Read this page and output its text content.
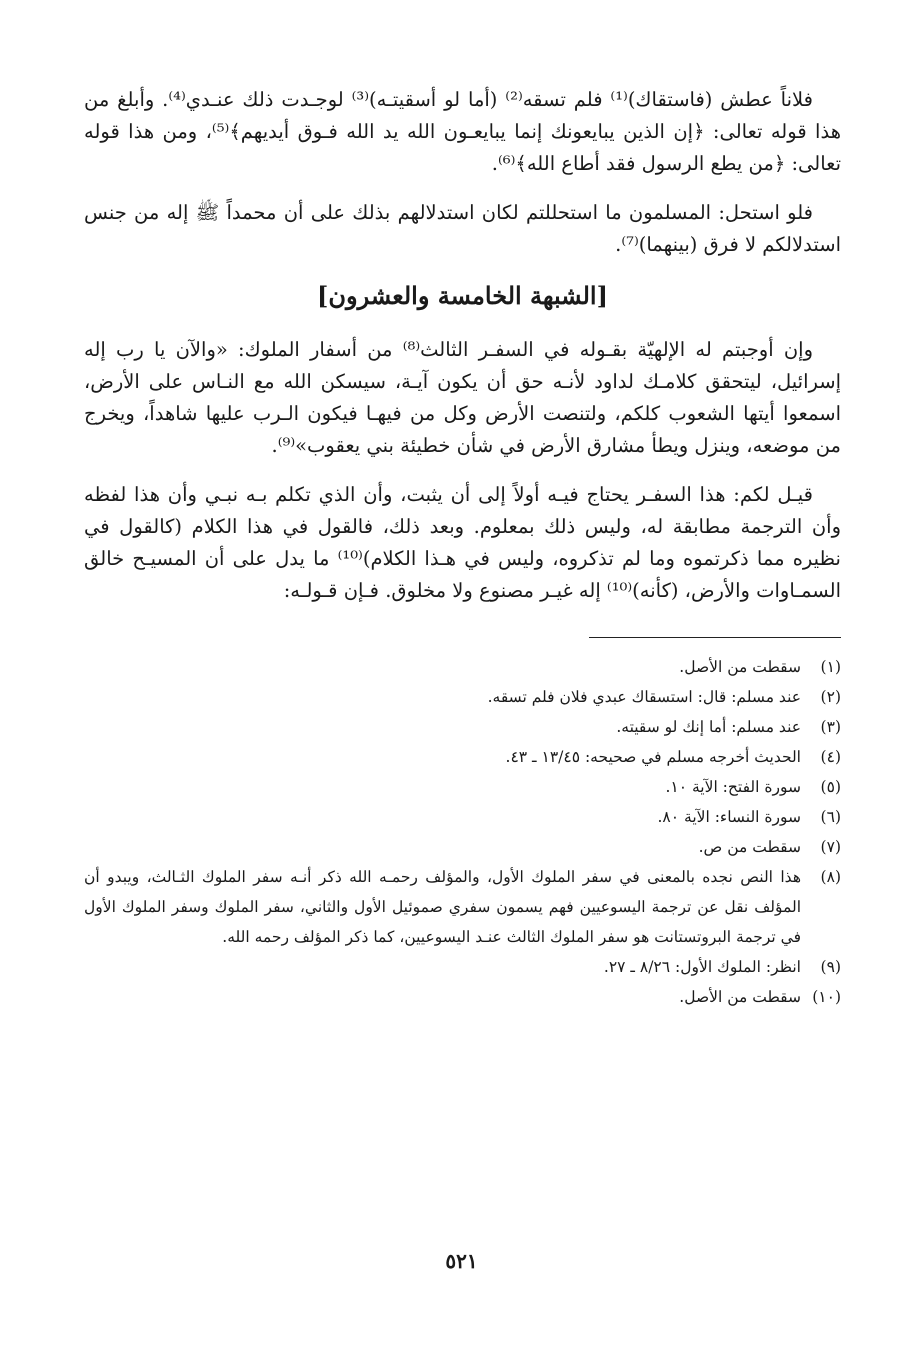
فلاناً عطش (فاستقاك)⁽¹⁾ فلم تسقه⁽²⁾ (أما لو أسقيتـه)⁽³⁾ لوجـدت ذلك عنـدي⁽⁴⁾. وأبلغ من هذا قوله تعالى: ﴿إن الذين يبايعونك إنما يبايعـون الله يد الله فـوق أيديهم﴾⁽⁵⁾، ومن هذا قوله تعالى: ﴿من يطع الرسول فقد أطاع الله﴾⁽⁶⁾.

فلو استحل: المسلمون ما استحللتم لكان استدلالهم بذلك على أن محمداً ﷺ إله من جنس استدلالكم لا فرق (بينهما)⁽⁷⁾.

[الشبهة الخامسة والعشرون]

وإن أوجبتم له الإلهيّة بقـوله في السفـر الثالث⁽⁸⁾ من أسفار الملوك: «والآن يا رب إله إسرائيل، ليتحقق كلامـك لداود لأنـه حق أن يكون آيـة، سيسكن الله مع النـاس على الأرض، اسمعوا أيتها الشعوب كلكم، ولتنصت الأرض وكل من فيهـا فيكون الـرب عليها شاهداً، ويخرج من موضعه، وينزل ويطأ مشارق الأرض في شأن خطيئة بني يعقوب»⁽⁹⁾.

قيـل لكم: هذا السفـر يحتاج فيـه أولاً إلى أن يثبت، وأن الذي تكلم بـه نبـي وأن هذا لفظه وأن الترجمة مطابقة له، وليس ذلك بمعلوم. وبعد ذلك، فالقول في هذا الكلام (كالقول في نظيره مما ذكرتموه وما لم تذكروه، وليس في هـذا الكلام)⁽¹⁰⁾ ما يدل على أن المسيـح خالق السمـاوات والأرض، (كأنه)⁽¹⁰⁾ إله غيـر مصنوع ولا مخلوق. فـإن قـولـه:

(١)
سقطت من الأصل.
(٢)
عند مسلم: قال: استسقاك عبدي فلان فلم تسقه.
(٣)
عند مسلم: أما إنك لو سقيته.
(٤)
الحديث أخرجه مسلم في صحيحه: ١٣/٤٥ ـ ٤٣.
(٥)
سورة الفتح: الآية ١٠.
(٦)
سورة النساء: الآية ٨٠.
(٧)
سقطت من ص.
(٨)
هذا النص نجده بالمعنى في سفر الملوك الأول، والمؤلف رحمـه الله ذكر أنـه سفر الملوك الثـالث، ويبدو أن المؤلف نقل عن ترجمة اليسوعيين فهم يسمون سفري صموئيل الأول والثاني، سفر الملوك وسفر الملوك الأول في ترجمة البروتستانت هو سفر الملوك الثالث عنـد اليسوعيين، كما ذكر المؤلف رحمه الله.
(٩)
انظر: الملوك الأول: ٨/٢٦ ـ ٢٧.
(١٠)
سقطت من الأصل.
٥٢١
